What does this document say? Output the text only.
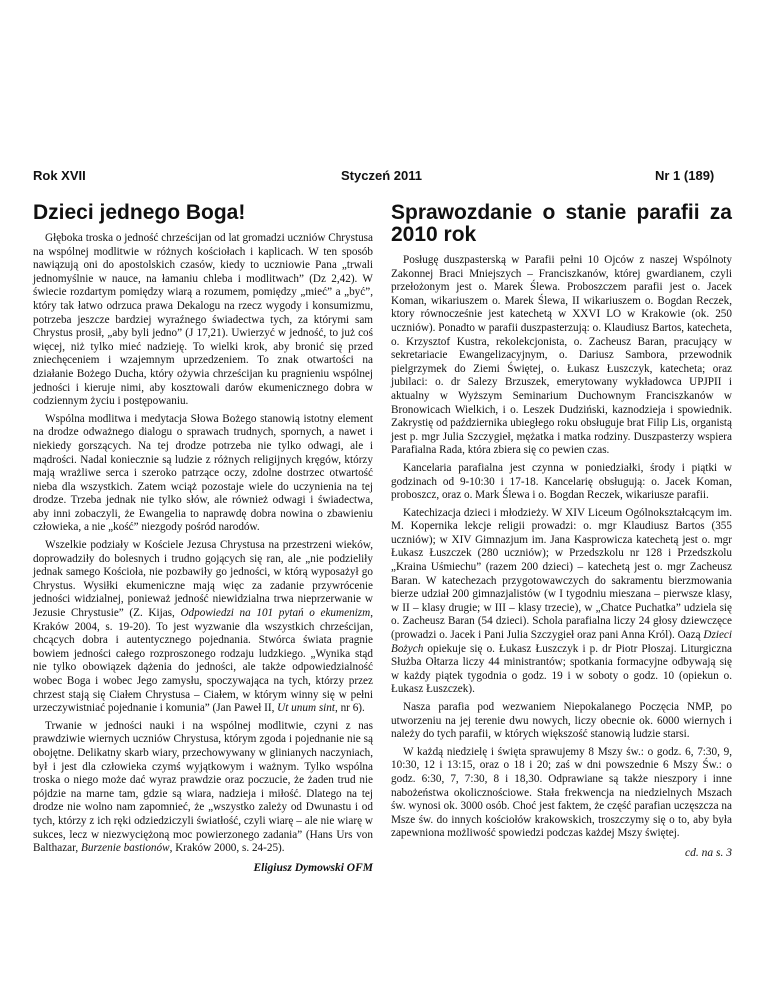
Rok XVII	Styczeń 2011	Nr 1 (189)
Dzieci jednego Boga!

Głęboka troska o jedność chrześcijan od lat gromadzi uczniów Chrystusa na wspólnej modlitwie w różnych kościołach i kaplicach. W ten sposób nawiązują oni do apostolskich czasów, kiedy to uczniowie Pana „trwali jednomyślnie w nauce, na łamaniu chleba i modlitwach” (Dz 2,42). W świecie rozdartym pomiędzy wiarą a rozumem, pomiędzy „mieć” a „być”, który tak łatwo odrzuca prawa Dekalogu na rzecz wygody i konsumizmu, potrzeba jeszcze bardziej wyraźnego świadectwa tych, za którymi sam Chrystus prosił, „aby byli jedno” (J 17,21). Uwierzyć w jedność, to już coś więcej, niż tylko mieć nadzieję. To wielki krok, aby bronić się przed zniechęceniem i wzajemnym uprzedzeniem. To znak otwartości na działanie Bożego Ducha, który ożywia chrześcijan ku pragnieniu wspólnej jedności i kieruje nimi, aby kosztowali darów ekumenicznego dobra w codziennym życiu i postępowaniu.

Wspólna modlitwa i medytacja Słowa Bożego stanowią istotny element na drodze odważnego dialogu o sprawach trudnych, spornych, a nawet i niekiedy gorszących. Na tej drodze potrzeba nie tylko odwagi, ale i mądrości. Nadal koniecznie są ludzie z różnych religijnych kręgów, którzy mają wrażliwe serca i szeroko patrzące oczy, zdolne dostrzec otwartość nieba dla wszystkich. Zatem wciąż pozostaje wiele do uczynienia na tej drodze. Trzeba jednak nie tylko słów, ale również odwagi i świadectwa, aby inni zobaczyli, że Ewangelia to naprawdę dobra nowina o zbawieniu człowieka, a nie „kość” niezgody pośród narodów.

Wszelkie podziały w Kościele Jezusa Chrystusa na przestrzeni wieków, doprowadziły do bolesnych i trudno gojących się ran, ale „nie podzieliły jednak samego Kościoła, nie pozbawiły go jedności, w którą wyposażył go Chrystus. Wysiłki ekumeniczne mają więc za zadanie przywrócenie jedności widzialnej, ponieważ jedność niewidzialna trwa nieprzerwanie w Jezusie Chrystusie” (Z. Kijas, Odpowiedzi na 101 pytań o ekumenizm, Kraków 2004, s. 19-20). To jest wyzwanie dla wszystkich chrześcijan, chcących dobra i autentycznego pojednania. Stwórca świata pragnie bowiem jedności całego rozproszonego rodzaju ludzkiego. „Wynika stąd nie tylko obowiązek dążenia do jedności, ale także odpowiedzialność wobec Boga i wobec Jego zamysłu, spoczywająca na tych, którzy przez chrzest stają się Ciałem Chrystusa – Ciałem, w którym winny się w pełni urzeczywistniać pojednanie i komunia” (Jan Paweł II, Ut unum sint, nr 6).

Trwanie w jedności nauki i na wspólnej modlitwie, czyni z nas prawdziwie wiernych uczniów Chrystusa, którym zgoda i pojednanie nie są obojętne. Delikatny skarb wiary, przechowywany w glinianych naczyniach, był i jest dla człowieka czymś wyjątkowym i ważnym. Tylko wspólna troska o niego może dać wyraz prawdzie oraz poczucie, że żaden trud nie pójdzie na marne tam, gdzie są wiara, nadzieja i miłość. Dlatego na tej drodze nie wolno nam zapomnieć, że „wszystko zależy od Dwunastu i od tych, którzy z ich ręki odziedziczyli światłość, czyli wiarę – ale nie wiarę w sukces, lecz w niezwyciężoną moc powierzonego zadania” (Hans Urs von Balthazar, Burzenie bastionów, Kraków 2000, s. 24-25).

Eligiusz Dymowski OFM
Sprawozdanie o stanie parafii za 2010 rok

Posługę duszpasterską w Parafii pełni 10 Ojców z naszej Wspólnoty Zakonnej Braci Mniejszych – Franciszkanów, której gwardianem, czyli przełożonym jest o. Marek Ślewa. Proboszczem parafii jest o. Jacek Koman, wikariuszem o. Marek Ślewa, II wikariuszem o. Bogdan Reczek, ktory równocześnie jest katechetą w XXVI LO w Krakowie (ok. 250 uczniów). Ponadto w parafii duszpasterzują: o. Klaudiusz Bartos, katecheta, o. Krzysztof Kustra, rekolekcjonista, o. Zacheusz Baran, pracujący w sekretariacie Ewangelizacyjnym, o. Dariusz Sambora, przewodnik pielgrzymek do Ziemi Świętej, o. Łukasz Łuszczyk, katecheta; oraz jubilaci: o. dr Salezy Brzuszek, emerytowany wykładowca UPJPII i aktualny w Wyższym Seminarium Duchownym Franciszkanów w Bronowicach Wielkich, i o. Leszek Dudziński, kaznodzieja i spowiednik. Zakrystię od października ubiegłego roku obsługuje brat Filip Lis, organistą jest p. mgr Julia Szczygieł, mężatka i matka rodziny. Duszpasterzy wspiera Parafialna Rada, która zbiera się co pewien czas.

Kancelaria parafialna jest czynna w poniedziałki, środy i piątki w godzinach od 9-10:30 i 17-18. Kancelarię obsługują: o. Jacek Koman, proboszcz, oraz o. Mark Ślewa i o. Bogdan Reczek, wikariusze parafii.

Katechizacja dzieci i młodzieży. W XIV Liceum Ogólnokształcącym im. M. Kopernika lekcje religii prowadzi: o. mgr Klaudiusz Bartos (355 uczniów); w XIV Gimnazjum im. Jana Kasprowicza katechetą jest o. mgr Łukasz Łuszczek (280 uczniów); w Przedszkolu nr 128 i Przedszkolu „Kraina Uśmiechu” (razem 200 dzieci) – katechetą jest o. mgr Zacheusz Baran. W katechezach przygotowawczych do sakramentu bierzmowania bierze udział 200 gimnazjalistów (w I tygodniu mieszana – pierwsze klasy, w II – klasy drugie; w III – klasy trzecie), w „Chatce Puchatka” udziela się o. Zacheusz Baran (54 dzieci). Schola parafialna liczy 24 głosy dziewczęce (prowadzi o. Jacek i Pani Julia Szczygieł oraz pani Anna Król). Oazą Dzieci Bożych opiekuje się o. Łukasz Łuszczyk i p. dr Piotr Płoszaj. Liturgiczna Służba Ołtarza liczy 44 ministrantów; spotkania formacyjne odbywają się w każdy piątek tygodnia o godz. 19 i w soboty o godz. 10 (opiekun o. Łukasz Łuszczek).

Nasza parafia pod wezwaniem Niepokalanego Poczęcia NMP, po utworzeniu na jej terenie dwu nowych, liczy obecnie ok. 6000 wiernych i należy do tych parafii, w których większość stanowią ludzie starsi.

W każdą niedzielę i święta sprawujemy 8 Mszy św.: o godz. 6, 7:30, 9, 10:30, 12 i 13:15, oraz o 18 i 20; zaś w dni powszednie 6 Mszy Św.: o godz. 6:30, 7, 7:30, 8 i 18,30. Odprawiane są także nieszpory i inne nabożeństwa okolicznościowe. Stała frekwencja na niedzielnych Mszach św. wynosi ok. 3000 osób. Choć jest faktem, że część parafian uczęszcza na Msze św. do innych kościołów krakowskich, troszczymy się o to, aby była zapewniona możliwość spowiedzi podczas każdej Mszy świętej.

cd. na s. 3
